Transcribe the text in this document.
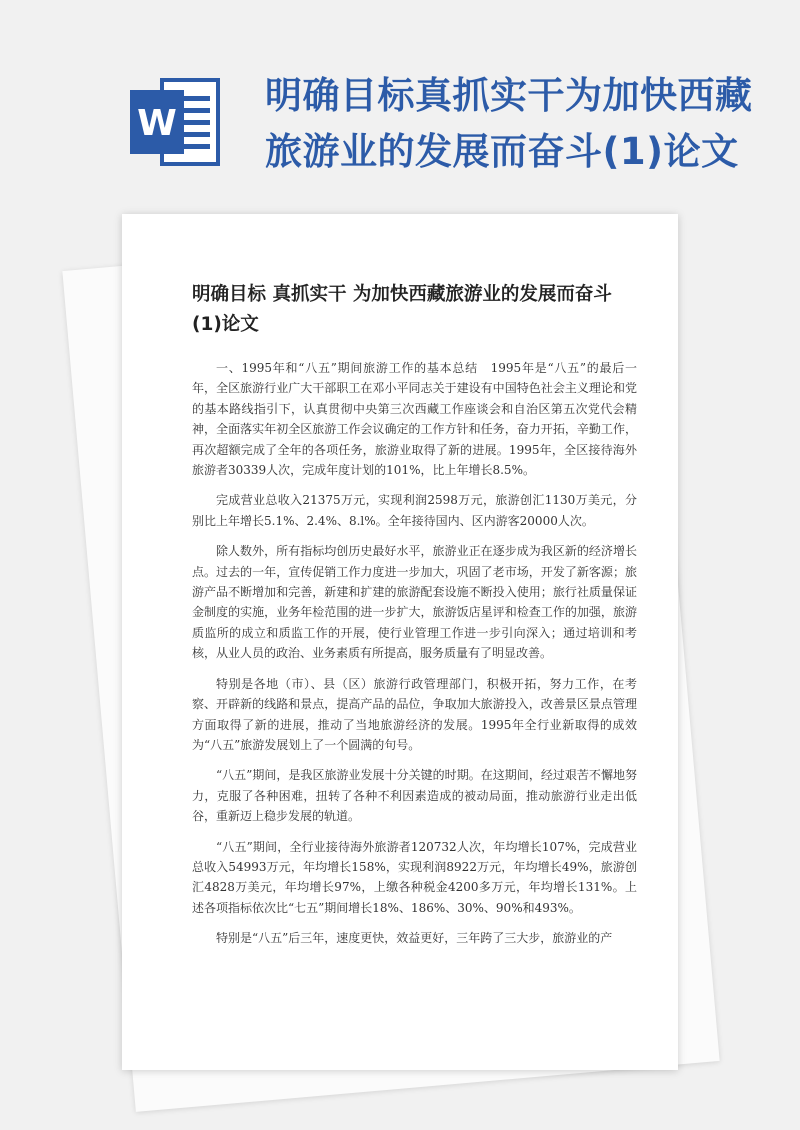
W
明确目标真抓实干为加快西藏旅游业的发展而奋斗(1)论文
明确目标 真抓实干 为加快西藏旅游业的发展而奋斗(1)论文

一、1995年和“八五”期间旅游工作的基本总结　1995年是“八五”的最后一年，全区旅游行业广大干部职工在邓小平同志关于建设有中国特色社会主义理论和党的基本路线指引下，认真贯彻中央第三次西藏工作座谈会和自治区第五次党代会精神，全面落实年初全区旅游工作会议确定的工作方针和任务，奋力开拓，辛勤工作，再次超额完成了全年的各项任务，旅游业取得了新的进展。1995年，全区接待海外旅游者30339人次，完成年度计划的101%，比上年增长8.5%。

完成营业总收入21375万元，实现利润2598万元，旅游创汇1130万美元，分别比上年增长5.1%、2.4%、8.l%。全年接待国内、区内游客20000人次。

除人数外，所有指标均创历史最好水平，旅游业正在逐步成为我区新的经济增长点。过去的一年，宣传促销工作力度进一步加大，巩固了老市场，开发了新客源；旅游产品不断增加和完善，新建和扩建的旅游配套设施不断投入使用；旅行社质量保证金制度的实施，业务年检范围的进一步扩大，旅游饭店星评和检查工作的加强，旅游质监所的成立和质监工作的开展，使行业管理工作进一步引向深入；通过培训和考核，从业人员的政治、业务素质有所提高，服务质量有了明显改善。

特别是各地（市）、县（区）旅游行政管理部门，积极开拓，努力工作，在考察、开辟新的线路和景点，提高产品的品位，争取加大旅游投入，改善景区景点管理方面取得了新的进展，推动了当地旅游经济的发展。1995年全行业新取得的成效为“八五”旅游发展划上了一个圆满的句号。

“八五”期间，是我区旅游业发展十分关键的时期。在这期间，经过艰苦不懈地努力，克服了各种困难，扭转了各种不利因素造成的被动局面，推动旅游行业走出低谷，重新迈上稳步发展的轨道。

“八五”期间，全行业接待海外旅游者120732人次，年均增长107%，完成营业总收入54993万元，年均增长158%，实现利润8922万元，年均增长49%，旅游创汇4828万美元，年均增长97%，上缴各种税金4200多万元，年均增长131%。上述各项指标依次比“七五”期间增长18%、186%、30%、90%和493%。

特别是“八五”后三年，速度更快，效益更好，三年跨了三大步，旅游业的产
